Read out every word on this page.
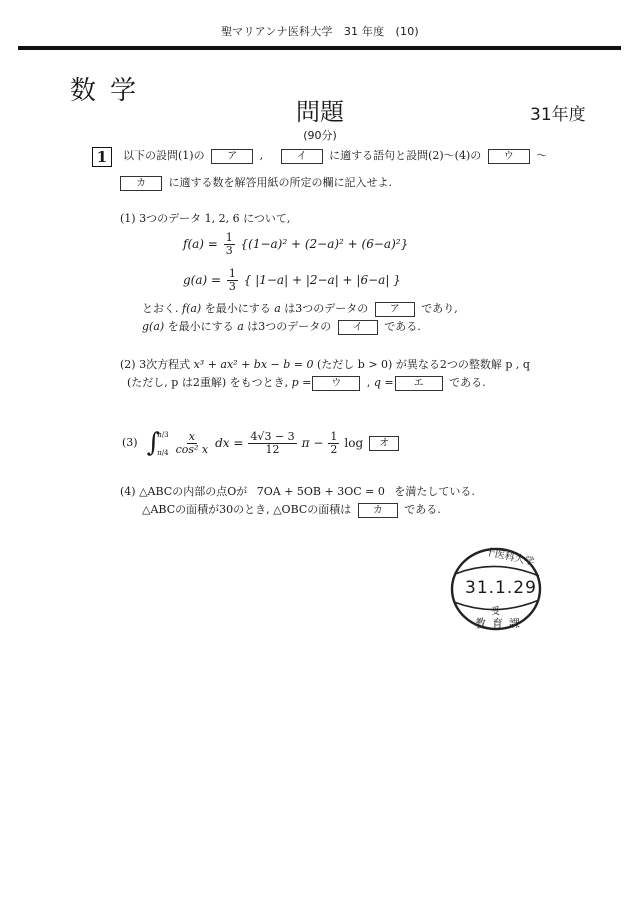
聖マリアンナ医科大学　31 年度　(10)
数学
問題	31年度
(90分)
1	以下の設問(1)の ア ,	イ に適する語句と設問(2)〜(4)の ウ 〜
カ に適する数を解答用紙の所定の欄に記入せよ.
(1) 3つのデータ 1, 2, 6 について,
$f(a) = \frac{1}{3} \{(1-a)^2 + (2-a)^2 + (6-a)^2\}$
$g(a) = \frac{1}{3}$ { |1−a| + |2−a| + |6−a| }
とおく. f(a) を最小にする a は3つのデータの ア であり,
g(a) を最小にする a は3つのデータの イ である.
(2) 3次方程式 x³ + ax² + bx − b = 0 (ただし b > 0) が異なる2つの整数解 p , q
(ただし, p は2重解) をもつとき, p = ウ , q = エ である.
(3) ∫
π/3
$\pi/4 \frac{x}{\text{cos² x}}$ dx = $\frac{4√3 - 3}{12}$ $\pi - \frac{1}{2}$ log	オ
(4) △ABCの内部の点Oが 7OA + 5OB + 3OC = 0 を満たしている.
△ABCの面積が30のとき, △OBCの面積は カ である.
十医科大学
31.1.29
受
教育課
